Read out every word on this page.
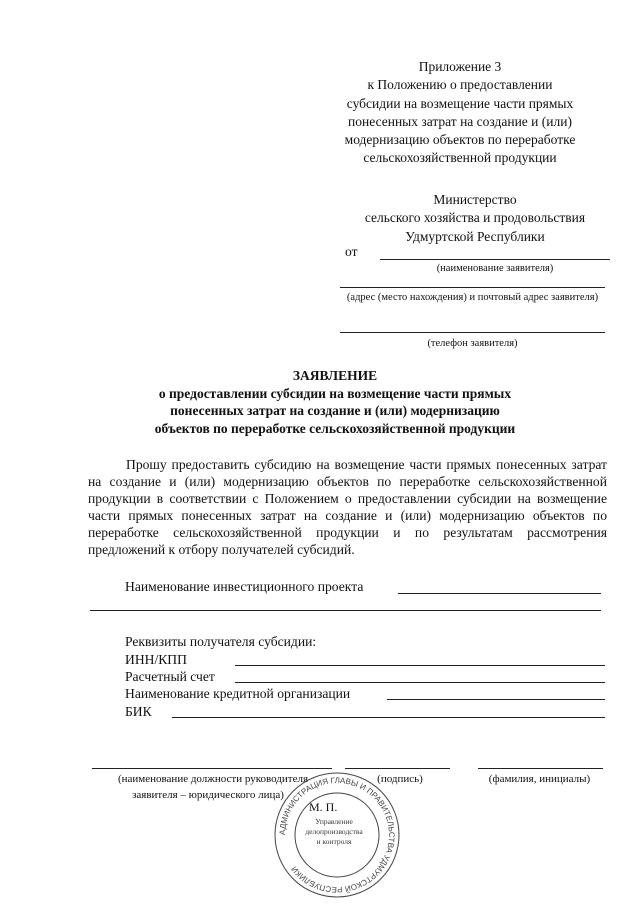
Приложение 3
к Положению о предоставлении
субсидии на возмещение части прямых
понесенных затрат на создание и (или)
модернизацию объектов по переработке
сельскохозяйственной продукции
Министерство
сельского хозяйства и продовольствия
Удмуртской Республики
от
(наименование заявителя)
(адрес (место нахождения) и почтовый адрес заявителя)
(телефон заявителя)
ЗАЯВЛЕНИЕ
о предоставлении субсидии на возмещение части прямых
понесенных затрат на создание и (или) модернизацию
объектов по переработке сельскохозяйственной продукции

Прошу предоставить субсидию на возмещение части прямых понесенных затрат на создание и (или) модернизацию объектов по переработке сельскохозяйственной продукции в соответствии с Положением о предоставлении субсидии на возмещение части прямых понесенных затрат на создание и (или) модернизацию объектов по переработке сельскохозяйственной продукции и по результатам рассмотрения предложений к отбору получателей субсидий.

Наименование инвестиционного проекта
Реквизиты получателя субсидии:
ИНН/КПП
Расчетный счет
Наименование кредитной организации
БИК
(наименование должности руководителя
заявителя – юридического лица)
(подпись)	(фамилия, инициалы)
М. П.
АДМИНИСТРАЦИЯ ГЛАВЫ И ПРАВИТЕЛЬСТВА УДМУРТСКОЙ РЕСПУБЛИКИ
Управление
делопроизводства
и контроля
